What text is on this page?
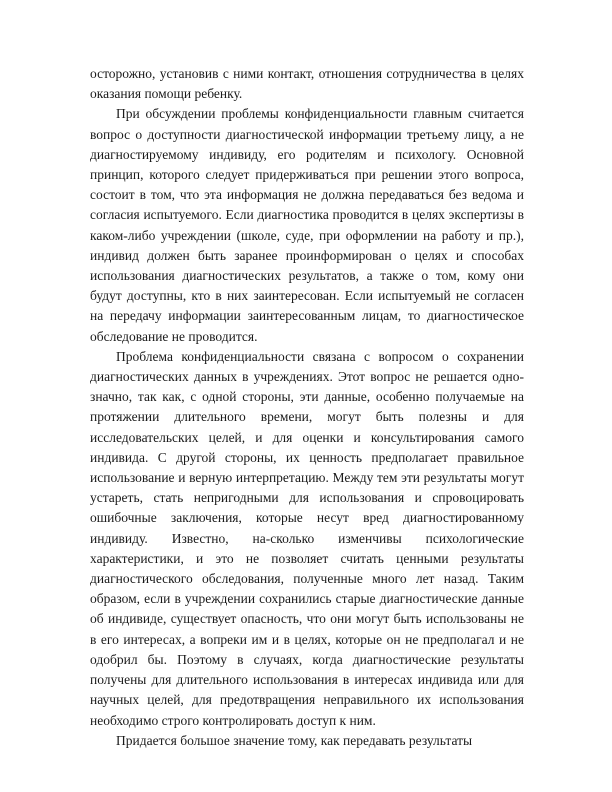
осторожно, установив с ними контакт, отношения сотрудничества в целях оказания помощи ребенку.

При обсуждении проблемы конфиденциальности главным считается вопрос о доступности диагностической информации третьему лицу, а не диагностируемому индивиду, его родителям и психологу. Основной принцип, которого следует придерживаться при решении этого вопроса, состоит в том, что эта информация не должна передаваться без ведома и согласия испытуемого. Если диагностика проводится в целях экспертизы в каком-либо учреждении (школе, суде, при оформлении на работу и пр.), индивид должен быть заранее проинформирован о целях и способах использования диагностических результатов, а также о том, кому они будут доступны, кто в них заинтересован. Если испытуемый не согласен на передачу информации заинтересованным лицам, то диагностическое обследование не проводится.

Проблема конфиденциальности связана с вопросом о сохранении диагностических данных в учреждениях. Этот вопрос не решается однозначно, так как, с одной стороны, эти данные, особенно получаемые на протяжении длительного времени, могут быть полезны и для исследовательских целей, и для оценки и консультирования самого индивида. С другой стороны, их ценность предполагает правильное использование и верную интерпретацию. Между тем эти результаты могут устареть, стать непригодными для использования и спровоцировать ошибочные заключения, которые несут вред диагностированному индивиду. Известно, на-сколько изменчивы психологические характеристики, и это не позволяет считать ценными результаты диагностического обследования, полученные много лет назад. Таким образом, если в учреждении сохранились старые диагностические данные об индивиде, существует опасность, что они могут быть использованы не в его интересах, а вопреки им и в целях, которые он не предполагал и не одобрил бы. Поэтому в случаях, когда диагностические результаты получены для длительного использования в интересах индивида или для научных целей, для предотвращения неправильного их использования необходимо строго контролировать доступ к ним.

Придается большое значение тому, как передавать результаты
